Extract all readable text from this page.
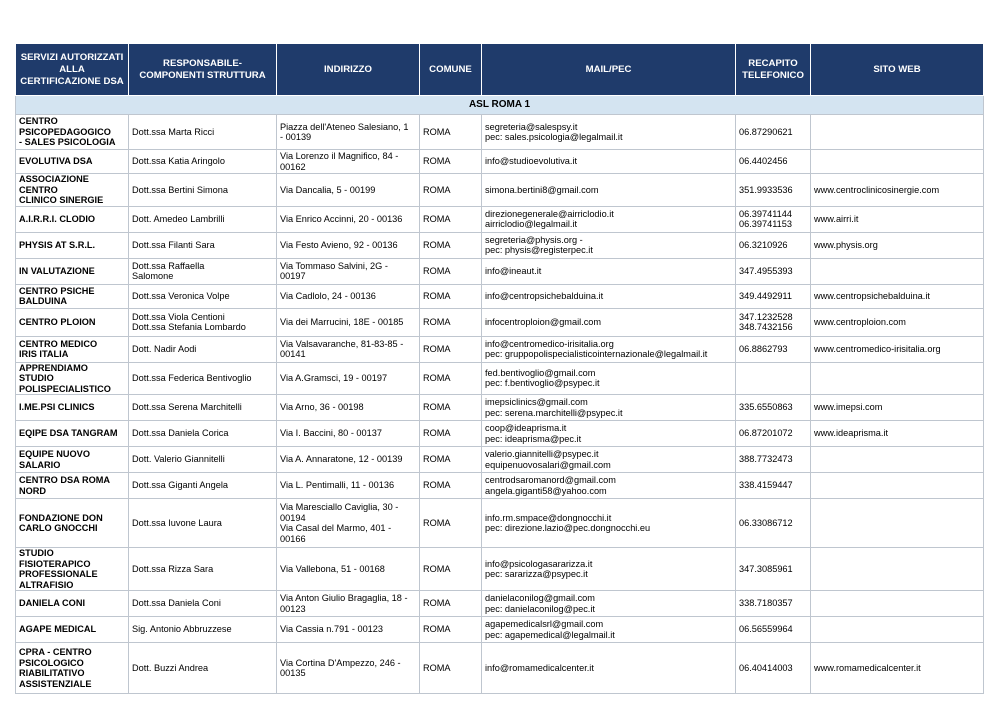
SERVIZI AUTORIZZATI ALLA CERTIFICAZIONE DSA	RESPONSABILE-
COMPONENTI STRUTTURA	INDIRIZZO	COMUNE	MAIL/PEC	RECAPITO
TELEFONICO	SITO WEB
ASL ROMA 1						
CENTRO
PSICOPEDAGOGICO
- SALES PSICOLOGIA	Dott.ssa Marta Ricci	Piazza dell'Ateneo Salesiano, 1
- 00139	ROMA	segreteria@salespsy.it
pec: sales.psicologia@legalmail.it	06.87290621	
EVOLUTIVA DSA	Dott.ssa Katia Aringolo	Via Lorenzo il Magnifico, 84 -
00162	ROMA	info@studioevolutiva.it	06.4402456	
ASSOCIAZIONE CENTRO
CLINICO SINERGIE	Dott.ssa Bertini Simona	Via Dancalia, 5 - 00199	ROMA	simona.bertini8@gmail.com	351.9933536	www.centroclinicosinergie.com
A.I.R.R.I. CLODIO	Dott. Amedeo Lambrilli	Via Enrico Accinni, 20 - 00136	ROMA	direzionegenerale@airriclodio.it
airriclodio@legalmail.it	06.39741144
06.39741153	www.airri.it
PHYSIS AT S.R.L.	Dott.ssa Filanti Sara	Via Festo Avieno, 92 - 00136	ROMA	segreteria@physis.org -
pec: physis@registerpec.it	06.3210926	www.physis.org
IN VALUTAZIONE	Dott.ssa Raffaella
Salomone	Via Tommaso Salvini, 2G -
00197	ROMA	info@ineaut.it	347.4955393	
CENTRO PSICHE
BALDUINA	Dott.ssa Veronica Volpe	Via Cadlolo, 24 - 00136	ROMA	info@centropsichebalduina.it	349.4492911	www.centropsichebalduina.it
CENTRO PLOION	Dott.ssa Viola Centioni
Dott.ssa Stefania Lombardo	Via dei Marrucini, 18E - 00185	ROMA	infocentroploion@gmail.com	347.1232528
348.7432156	www.centroploion.com
CENTRO MEDICO
IRIS ITALIA	Dott. Nadir Aodi	Via Valsavaranche, 81-83-85 -
00141	ROMA	info@centromedico-irisitalia.org
pec: gruppopolispecialisticointernazionale@legalmail.it	06.8862793	www.centromedico-irisitalia.org
APPRENDIAMO STUDIO
POLISPECIALISTICO	Dott.ssa Federica Bentivoglio	Via A.Gramsci, 19 - 00197	ROMA	fed.bentivoglio@gmail.com
pec: f.bentivoglio@psypec.it		
I.ME.PSI CLINICS	Dott.ssa Serena Marchitelli	Via Arno, 36 - 00198	ROMA	imepsiclinics@gmail.com
pec: serena.marchitelli@psypec.it	335.6550863	www.imepsi.com
EQIPE DSA TANGRAM	Dott.ssa Daniela Corica	Via I. Baccini, 80 - 00137	ROMA	coop@ideaprisma.it
pec: ideaprisma@pec.it	06.87201072	www.ideaprisma.it
EQUIPE NUOVO
SALARIO	Dott. Valerio Giannitelli	Via A. Annaratone, 12 - 00139	ROMA	valerio.giannitelli@psypec.it
equipenuovosalari@gmail.com	388.7732473	
CENTRO DSA ROMA
NORD	Dott.ssa Giganti Angela	Via L. Pentimalli, 11 - 00136	ROMA	centrodsaromanord@gmail.com
angela.giganti58@yahoo.com	338.4159447	
FONDAZIONE DON
CARLO GNOCCHI	Dott.ssa Iuvone Laura	Via Maresciallo Caviglia, 30 -
00194
Via Casal del Marmo, 401 -
00166	ROMA	info.rm.smpace@dongnocchi.it
pec: direzione.lazio@pec.dongnocchi.eu	06.33086712	
STUDIO FISIOTERAPICO
PROFESSIONALE
ALTRAFISIO	Dott.ssa Rizza Sara	Via Vallebona, 51 - 00168	ROMA	info@psicologasararizza.it
pec: sararizza@psypec.it	347.3085961	
DANIELA CONI	Dott.ssa Daniela Coni	Via Anton Giulio Bragaglia, 18 -
00123	ROMA	danielaconilog@gmail.com
pec: danielaconilog@pec.it	338.7180357	
AGAPE MEDICAL	Sig. Antonio Abbruzzese	Via Cassia n.791 - 00123	ROMA	agapemedicalsrl@gmail.com
pec: agapemedical@legalmail.it	06.56559964	
CPRA - CENTRO
PSICOLOGICO
RIABILITATIVO
ASSISTENZIALE	Dott. Buzzi Andrea	Via Cortina D'Ampezzo, 246 -
00135	ROMA	info@romamedicalcenter.it	06.40414003	www.romamedicalcenter.it
